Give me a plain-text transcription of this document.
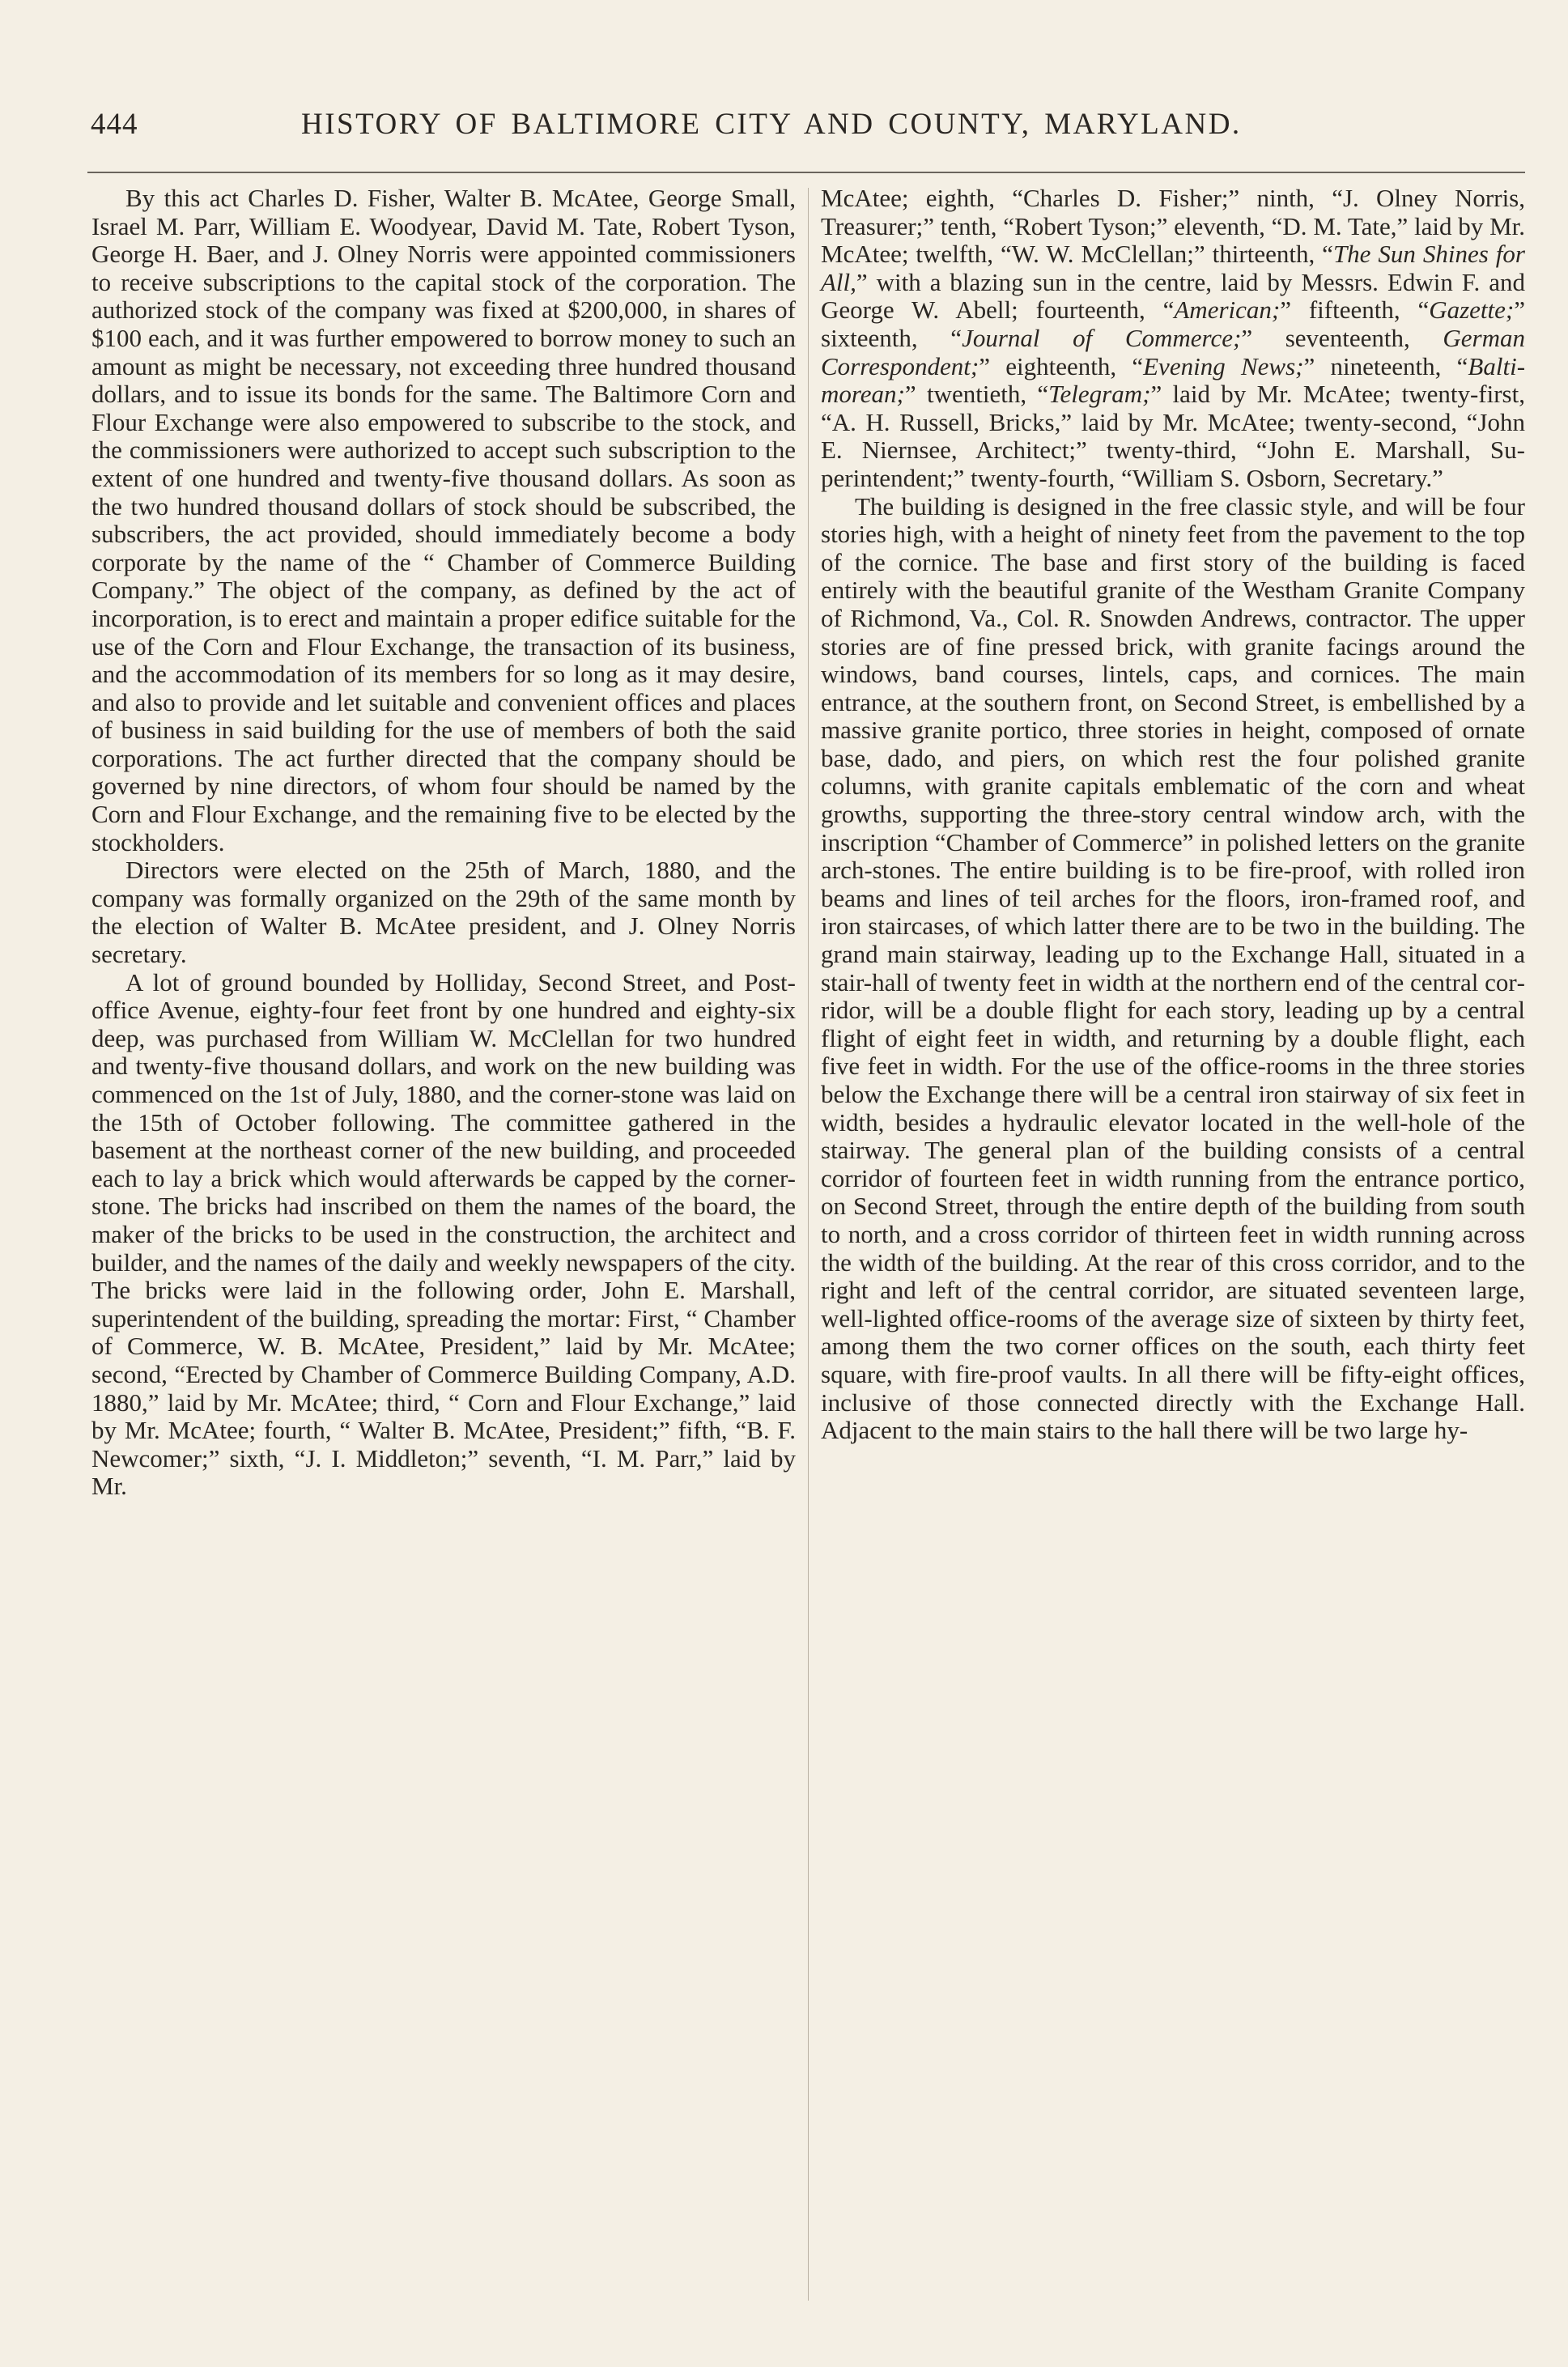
444	HISTORY OF BALTIMORE CITY AND COUNTY, MARYLAND.

By this act Charles D. Fisher, Walter B. McAtee, George Small, Israel M. Parr, William E. Woodyear, David M. Tate, Robert Tyson, George H. Baer, and J. Olney Norris were appointed commissioners to receive subscriptions to the capital stock of the corporation. The authorized stock of the company was fixed at $200,000, in shares of $100 each, and it was further empowered to borrow money to such an amount as might be necessary, not exceeding three hundred thousand dollars, and to issue its bonds for the same. The Baltimore Corn and Flour Exchange were also empowered to subscribe to the stock, and the commissioners were authorized to accept such subscription to the extent of one hundred and twenty-five thousand dollars. As soon as the two hundred thousand dollars of stock should be subscribed, the subscribers, the act provided, should immediately become a body corporate by the name of the “ Chamber of Commerce Building Company.” The object of the company, as defined by the act of incorporation, is to erect and maintain a proper edifice suitable for the use of the Corn and Flour Exchange, the transaction of its business, and the accommodation of its members for so long as it may desire, and also to provide and let suitable and convenient offices and places of business in said building for the use of members of both the said corporations. The act further directed that the company should be governed by nine directors, of whom four should be named by the Corn and Flour Exchange, and the remaining five to be elected by the stockholders.

Directors were elected on the 25th of March, 1880, and the company was formally organized on the 29th of the same month by the election of Walter B. McAtee president, and J. Olney Norris secretary.

A lot of ground bounded by Holliday, Second Street, and Post-office Avenue, eighty-four feet front by one hundred and eighty-six deep, was purchased from William W. McClellan for two hundred and twenty-five thousand dollars, and work on the new building was commenced on the 1st of July, 1880, and the corner-stone was laid on the 15th of October following. The committee gathered in the basement at the northeast corner of the new building, and proceeded each to lay a brick which would afterwards be capped by the corner-stone. The bricks had inscribed on them the names of the board, the maker of the bricks to be used in the construction, the architect and builder, and the names of the daily and weekly newspapers of the city. The bricks were laid in the following order, John E. Marshall, superintendent of the building, spreading the mortar: First, “ Chamber of Commerce, W. B. McAtee, President,” laid by Mr. McAtee; second, “Erected by Chamber of Commerce Building Company, A.D. 1880,” laid by Mr. McAtee; third, “ Corn and Flour Exchange,” laid by Mr. McAtee; fourth, “ Walter B. McAtee, President;” fifth, “B. F. Newcomer;” sixth, “J. I. Middleton;” seventh, “I. M. Parr,” laid by Mr.

McAtee; eighth, “Charles D. Fisher;” ninth, “J. Olney Norris, Treasurer;” tenth, “Robert Tyson;” eleventh, “D. M. Tate,” laid by Mr. McAtee; twelfth, “W. W. McClellan;” thirteenth, “The Sun Shines for All,” with a blazing sun in the centre, laid by Messrs. Edwin F. and George W. Abell; fourteenth, “American;” fifteenth, “Gazette;” sixteenth, “Journal of Commerce;” seventeenth, German Correspondent;” eighteenth, “Evening News;” nineteenth, “Baltimorean;” twentieth, “Telegram;” laid by Mr. McAtee; twenty-first, “A. H. Russell, Bricks,” laid by Mr. McAtee; twenty-second, “John E. Niernsee, Architect;” twenty-third, “John E. Marshall, Superintendent;” twenty-fourth, “William S. Osborn, Secretary.”

The building is designed in the free classic style, and will be four stories high, with a height of ninety feet from the pavement to the top of the cornice. The base and first story of the building is faced entirely with the beautiful granite of the Westham Granite Company of Richmond, Va., Col. R. Snowden Andrews, contractor. The upper stories are of fine pressed brick, with granite facings around the windows, band courses, lintels, caps, and cornices. The main entrance, at the southern front, on Second Street, is embellished by a massive granite portico, three stories in height, composed of ornate base, dado, and piers, on which rest the four polished granite columns, with granite capitals emblematic of the corn and wheat growths, supporting the three-story central window arch, with the inscription “Chamber of Commerce” in polished letters on the granite arch-stones. The entire building is to be fire-proof, with rolled iron beams and lines of teil arches for the floors, iron-framed roof, and iron staircases, of which latter there are to be two in the building. The grand main stairway, leading up to the Exchange Hall, situated in a stair-hall of twenty feet in width at the northern end of the central corridor, will be a double flight for each story, leading up by a central flight of eight feet in width, and returning by a double flight, each five feet in width. For the use of the office-rooms in the three stories below the Exchange there will be a central iron stairway of six feet in width, besides a hydraulic elevator located in the well-hole of the stairway. The general plan of the building consists of a central corridor of fourteen feet in width running from the entrance portico, on Second Street, through the entire depth of the building from south to north, and a cross corridor of thirteen feet in width running across the width of the building. At the rear of this cross corridor, and to the right and left of the central corridor, are situated seventeen large, well-lighted office-rooms of the average size of sixteen by thirty feet, among them the two corner offices on the south, each thirty feet square, with fire-proof vaults. In all there will be fifty-eight offices, inclusive of those connected directly with the Exchange Hall. Adjacent to the main stairs to the hall there will be two large hy-
